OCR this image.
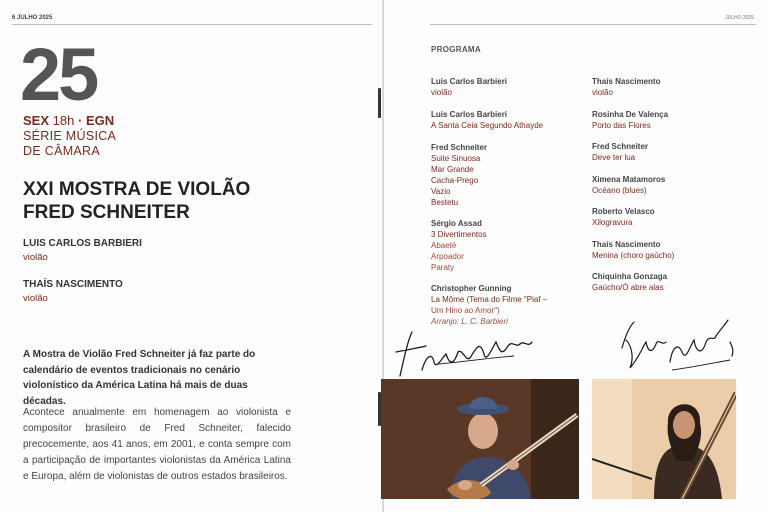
6 JULHO 2025
25
SEX 18h · EGN
SÉRIE MÚSICA
DE CÂMARA
XXI MOSTRA DE VIOLÃO
FRED SCHNEITER
LUIS CARLOS BARBIERI
violão
THAÍS NASCIMENTO
violão
A Mostra de Violão Fred Schneiter já faz parte do calendário de eventos tradicionais no cenário violonístico da América Latina há mais de duas décadas.
Acontece anualmente em homenagem ao violonista e compositor brasileiro de Fred Schneiter, falecido precocemente, aos 41 anos, em 2001, e conta sempre com a participação de importantes violonistas da América Latina e Europa, além de violonistas de outros estados brasileiros.
JULHO 2025
PROGRAMA
Luis Carlos Barbieri
violão
Luis Carlos Barbieri
A Santa Ceia Segundo Athayde
Fred Schneiter
Suite Sinuosa
Mar Grande
Cacha-Prego
Vazio
Bestetu
Sérgio Assad
3 Divertimentos
Abaeté
Arpoador
Paraty
Christopher Gunning
La Môme (Tema do Filme "Piaf –
Um Hino ao Amor")
Arranjo: L. C. Barbieri
Thaís Nascimento
violão
Rosinha De Valença
Porto das Flores
Fred Schneiter
Deve ter lua
Ximena Matamoros
Océano (blues)
Roberto Velasco
Xilogravura
Thaís Nascimento
Menina (choro gaúcho)
Chiquinha Gonzaga
Gaúcho/Ó abre alas
